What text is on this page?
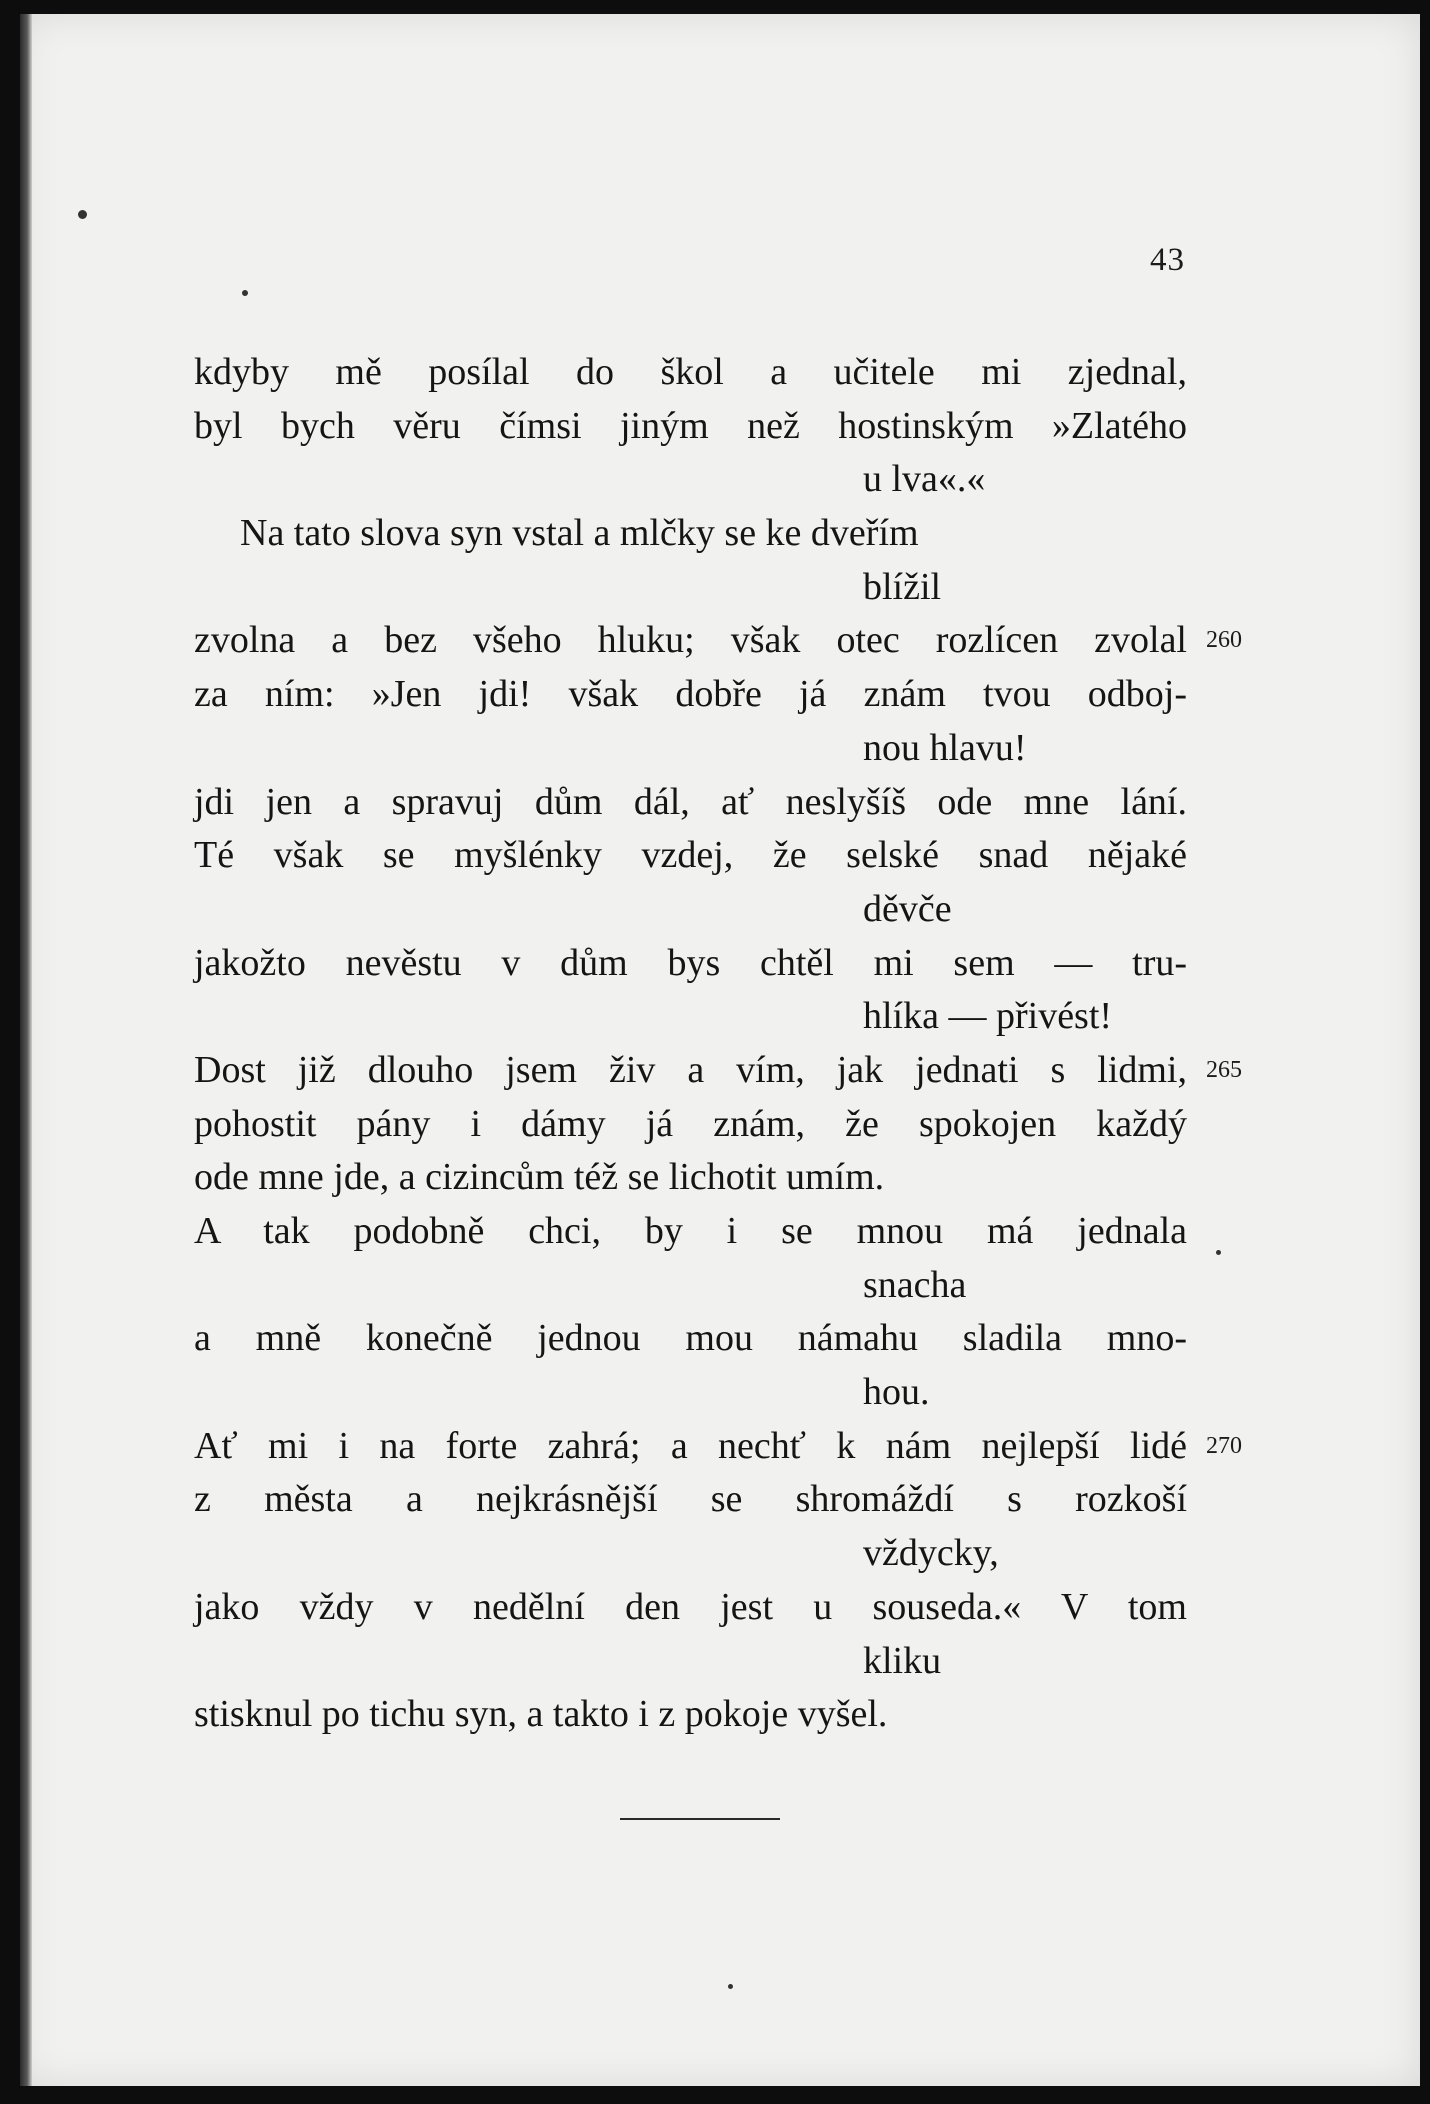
43
kdyby mě posílal do škol a učitele mi zjednal,
byl bych věru čímsi jiným než hostinským »Zlatého
u lva«.«
Na tato slova syn vstal a mlčky se ke dveřím
blížil
zvolna a bez všeho hluku; však otec rozlícen zvolal 260
za ním: »Jen jdi! však dobře já znám tvou odboj-
nou hlavu!
jdi jen a spravuj dům dál, ať neslyšíš ode mne lání.
Té však se myšlénky vzdej, že selské snad nějaké
děvče
jakožto nevěstu v dům bys chtěl mi sem — tru-
hlíka — přivést!
Dost již dlouho jsem živ a vím, jak jednati s lidmi, 265
pohostit pány i dámy já znám, že spokojen každý
ode mne jde, a cizincům též se lichotit umím.
A tak podobně chci, by i se mnou má jednala
snacha
a mně konečně jednou mou námahu sladila mno-
hou.
Ať mi i na forte zahrá; a nechť k nám nejlepší lidé 270
z města a nejkrásnější se shromáždí s rozkoší
vždycky,
jako vždy v nedělní den jest u souseda.« V tom
kliku
stisknul po tichu syn, a takto i z pokoje vyšel.
